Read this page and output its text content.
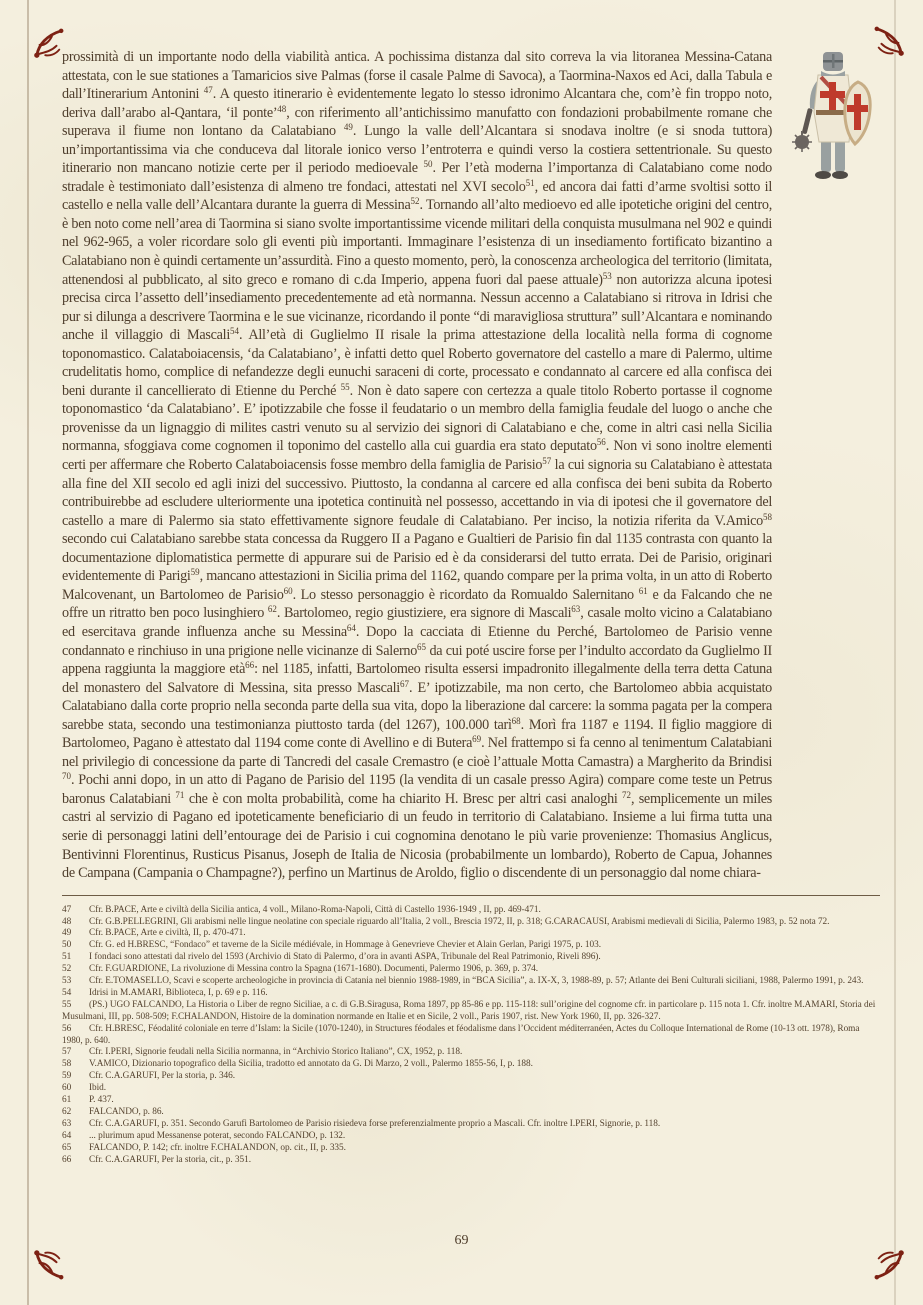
prossimità di un importante nodo della viabilità antica. A pochissima distanza dal sito correva la via litoranea Messina-Catana attestata, con le sue stationes a Tamaricios sive Palmas (forse il casale Palme di Savoca), a Taormina-Naxos ed Aci, dalla Tabula e dall’Itinerarium Antonini $^{47}$. A questo itinerario è evidentemente legato lo stesso idronimo Alcantara che, com’è fin troppo noto, deriva dall’arabo al-Qantara, ‘il ponte’$^{48}$, con riferimento all’antichissimo manufatto con fondazioni probabilmente romane che superava il fiume non lontano da Calatabiano $^{49}$. Lungo la valle dell’Alcantara si snodava inoltre (e si snoda tuttora) un’importantissima via che conduceva dal litorale ionico verso l’entroterra e quindi verso la costiera settentrionale. Su questo itinerario non mancano notizie certe per il periodo medioevale $^{50}$. Per l’età moderna l’importanza di Calatabiano come nodo stradale è testimoniato dall’esistenza di almeno tre fondaci, attestati nel XVI secolo$^{51}$, ed ancora dai fatti d’arme svoltisi sotto il castello e nella valle dell’Alcantara durante la guerra di Messina$^{52}$. Tornando all’alto medioevo ed alle ipotetiche origini del centro, è ben noto come nell’area di Taormina si siano svolte importantissime vicende militari della conquista musulmana nel 902 e quindi nel 962-965, a voler ricordare solo gli eventi più importanti. Immaginare l’esistenza di un insediamento fortificato bizantino a Calatabiano non è quindi certamente un’assurdità. Fino a questo momento, però, la conoscenza archeologica del territorio (limitata, attenendosi al pubblicato, al sito greco e romano di c.da Imperio, appena fuori dal paese attuale)$^{53}$ non autorizza alcuna ipotesi precisa circa l’assetto dell’insediamento precedentemente ad età normanna. Nessun accenno a Calatabiano si ritrova in Idrisi che pur si dilunga a descrivere Taormina e le sue vicinanze, ricordando il ponte “di maravigliosa struttura” sull’Alcantara e nominando anche il villaggio di Mascali$^{54}$. All’età di Guglielmo II risale la prima attestazione della località nella forma di cognome toponomastico. Calataboiacensis, ‘da Calatabiano’, è infatti detto quel Roberto governatore del castello a mare di Palermo, ultime crudelitatis homo, complice di nefandezze degli eunuchi saraceni di corte, processato e condannato al carcere ed alla confisca dei beni durante il cancellierato di Etienne du Perché $^{55}$. Non è dato sapere con certezza a quale titolo Roberto portasse il cognome toponomastico ‘da Calatabiano’. E’ ipotizzabile che fosse il feudatario o un membro della famiglia feudale del luogo o anche che provenisse da un lignaggio di milites castri venuto su al servizio dei signori di Calatabiano e che, come in altri casi nella Sicilia normanna, sfoggiava come cognomen il toponimo del castello alla cui guardia era stato deputato$^{56}$. Non vi sono inoltre elementi certi per affermare che Roberto Calataboiacensis fosse membro della famiglia de Parisio$^{57}$ la cui signoria su Calatabiano è attestata alla fine del XII secolo ed agli inizi del successivo. Piuttosto, la condanna al carcere ed alla confisca dei beni subita da Roberto contribuirebbe ad escludere ulteriormente una ipotetica continuità nel possesso, accettando in via di ipotesi che il governatore del castello a mare di Palermo sia stato effettivamente signore feudale di Calatabiano. Per inciso, la notizia riferita da V.Amico$^{58}$ secondo cui Calatabiano sarebbe stata concessa da Ruggero II a Pagano e Gualtieri de Parisio fin dal 1135 contrasta con quanto la documentazione diplomatistica permette di appurare sui de Parisio ed è da considerarsi del tutto errata. Dei de Parisio, originari evidentemente di Parigi$^{59}$, mancano attestazioni in Sicilia prima del 1162, quando compare per la prima volta, in un atto di Roberto Malcovenant, un Bartolomeo de Parisio$^{60}$. Lo stesso personaggio è ricordato da Romualdo Salernitano $^{61}$ e da Falcando che ne offre un ritratto ben poco lusinghiero $^{62}$. Bartolomeo, regio giustiziere, era signore di Mascali$^{63}$, casale molto vicino a Calatabiano ed esercitava grande influenza anche su Messina$^{64}$. Dopo la cacciata di Etienne du Perché, Bartolomeo de Parisio venne condannato e rinchiuso in una prigione nelle vicinanze di Salerno$^{65}$ da cui poté uscire forse per l’indulto accordato da Guglielmo II appena raggiunta la maggiore età$^{66}$: nel 1185, infatti, Bartolomeo risulta essersi impadronito illegalmente della terra detta Catuna del monastero del Salvatore di Messina, sita presso Mascali$^{67}$. E’ ipotizzabile, ma non certo, che Bartolomeo abbia acquistato Calatabiano dalla corte proprio nella seconda parte della sua vita, dopo la liberazione dal carcere: la somma pagata per la compera sarebbe stata, secondo una testimonianza piuttosto tarda (del 1267), 100.000 tarì$^{68}$. Morì fra 1187 e 1194. Il figlio maggiore di Bartolomeo, Pagano è attestato dal 1194 come conte di Avellino e di Butera$^{69}$. Nel frattempo si fa cenno al tenimentum Calatabiani nel privilegio di concessione da parte di Tancredi del casale Cremastro (e cioè l’attuale Motta Camastra) a Margherito da Brindisi $^{70}$. Pochi anni dopo, in un atto di Pagano de Parisio del 1195 (la vendita di un casale presso Agira) compare come teste un Petrus baronus Calatabiani $^{71}$ che è con molta probabilità, come ha chiarito H. Bresc per altri casi analoghi $^{72}$, semplicemente un miles castri al servizio di Pagano ed ipoteticamente beneficiario di un feudo in territorio di Calatabiano. Insieme a lui firma tutta una serie di personaggi latini dell’entourage dei de Parisio i cui cognomina denotano le più varie provenienze: Thomasius Anglicus, Bentivinni Florentinus, Rusticus Pisanus, Joseph de Italia de Nicosia (probabilmente un lombardo), Roberto de Capua, Johannes de Campana (Campania o Champagne?), perfino un Martinus de Aroldo, figlio o discendente di un personaggio dal nome chiara-

47 Cfr. B.PACE, Arte e civiltà della Sicilia antica, 4 voll., Milano-Roma-Napoli, Città di Castello 1936-1949 , II, pp. 469-471.

48 Cfr. G.B.PELLEGRINI, Gli arabismi nelle lingue neolatine con speciale riguardo all’Italia, 2 voll., Brescia 1972, II, p. 318; G.CARACAUSI, Arabismi medievali di Sicilia, Palermo 1983, p. 52 nota 72.

49 Cfr. B.PACE, Arte e civiltà, II, p. 470-471.

50 Cfr. G. ed H.BRESC, “Fondaco” et taverne de la Sicile médiévale, in Hommage à Genevrieve Chevier et Alain Gerlan, Parigi 1975, p. 103.

51 I fondaci sono attestati dal rivelo del 1593 (Archivio di Stato di Palermo, d’ora in avanti ASPA, Tribunale del Real Patrimonio, Riveli 896).

52 Cfr. F.GUARDIONE, La rivoluzione di Messina contro la Spagna (1671-1680). Documenti, Palermo 1906, p. 369, p. 374.

53 Cfr. E.TOMASELLO, Scavi e scoperte archeologiche in provincia di Catania nel biennio 1988-1989, in “BCA Sicilia”, a. IX-X, 3, 1988-89, p. 57; Atlante dei Beni Culturali siciliani, 1988, Palermo 1991, p. 243.

54 Idrisi in M.AMARI, Biblioteca, I, p. 69 e p. 116.

55 (PS.) UGO FALCANDO, La Historia o Liber de regno Siciliae, a c. di G.B.Siragusa, Roma 1897, pp 85-86 e pp. 115-118: sull’origine del cognome cfr. in particolare p. 115 nota 1. Cfr. inoltre M.AMARI, Storia dei Musulmani, III, pp. 508-509; F.CHALANDON, Histoire de la domination normande en Italie et en Sicile, 2 voll., Paris 1907, rist. New York 1960, II, pp. 326-327.

56 Cfr. H.BRESC, Féodalité coloniale en terre d’Islam: la Sicile (1070-1240), in Structures féodales et féodalisme dans l’Occident méditerranéen, Actes du Colloque International de Rome (10-13 ott. 1978), Roma 1980, p. 640.

57 Cfr. I.PERI, Signorie feudali nella Sicilia normanna, in “Archivio Storico Italiano”, CX, 1952, p. 118.

58 V.AMICO, Dizionario topografico della Sicilia, tradotto ed annotato da G. Di Marzo, 2 voll., Palermo 1855-56, I, p. 188.

59 Cfr. C.A.GARUFI, Per la storia, p. 346.

60 Ibid.

61 P. 437.

62 FALCANDO, p. 86.

63 Cfr. C.A.GARUFI, p. 351. Secondo Garufi Bartolomeo de Parisio risiedeva forse preferenzialmente proprio a Mascali. Cfr. inoltre I.PERI, Signorie, p. 118.

64 ... plurimum apud Messanense poterat, secondo FALCANDO, p. 132.

65 FALCANDO, P. 142; cfr. inoltre F.CHALANDON, op. cit., II, p. 335.

66 Cfr. C.A.GARUFI, Per la storia, cit., p. 351.

69
